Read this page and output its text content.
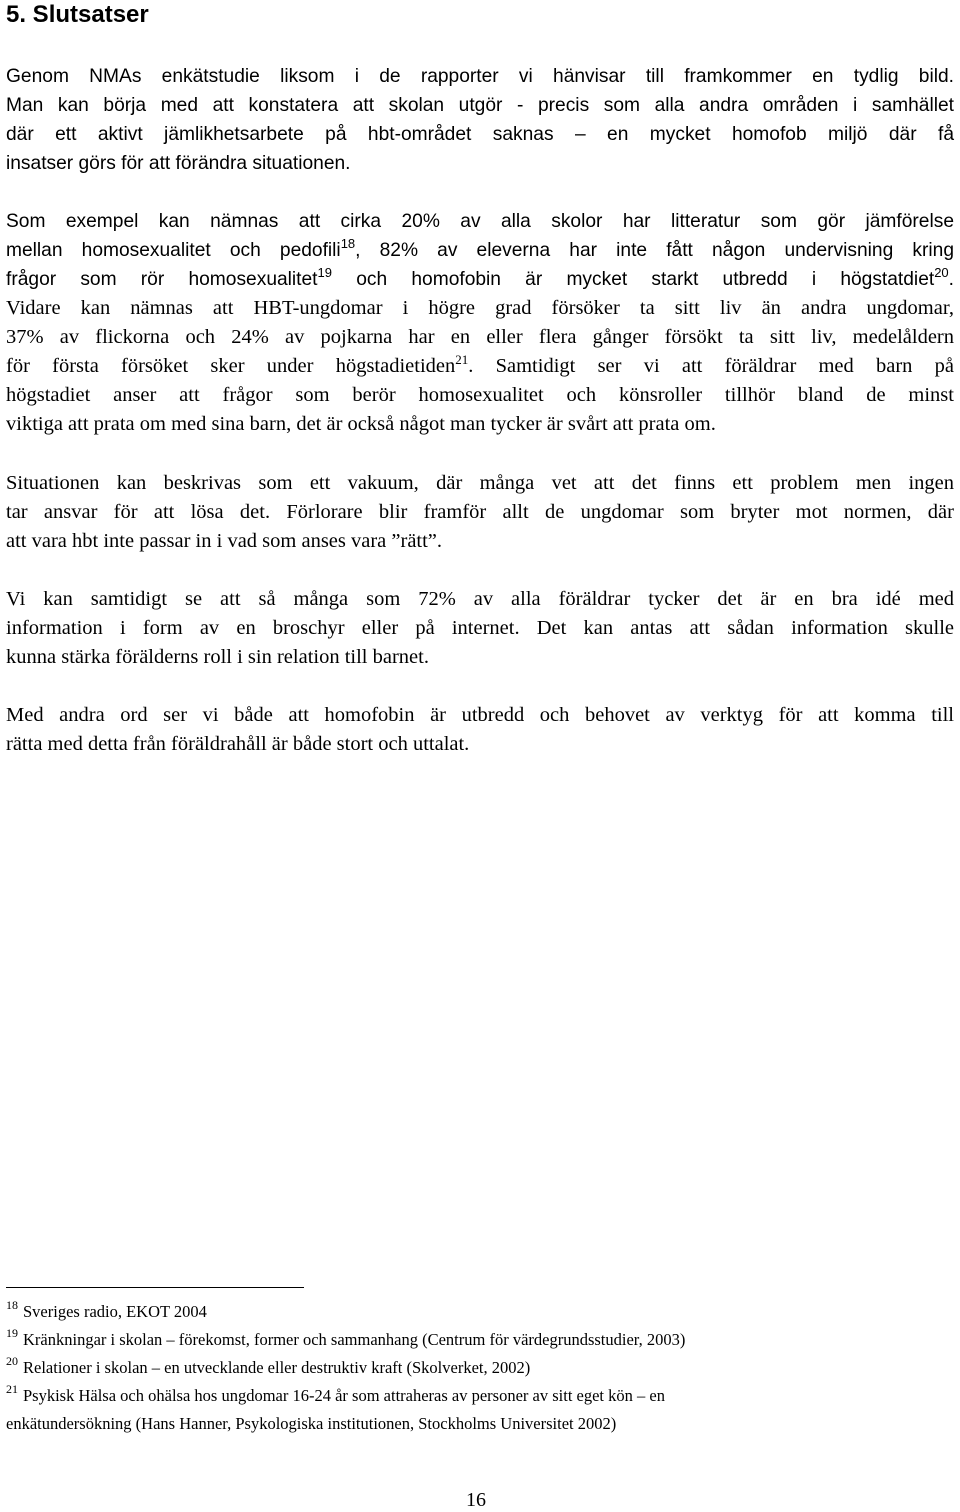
5. Slutsatser
Genom NMAs enkätstudie liksom i de rapporter vi hänvisar till framkommer en tydlig bild.
Man kan börja med att konstatera att skolan utgör - precis som alla andra områden i samhället
där ett aktivt jämlikhetsarbete på hbt-området saknas – en mycket homofob miljö där få
insatser görs för att förändra situationen.
Som exempel kan nämnas att cirka 20% av alla skolor har litteratur som gör jämförelse
mellan homosexualitet och pedofili$^{18}$, 82% av eleverna har inte fått någon undervisning kring
frågor som rör homosexualitet$^{19}$ och homofobin är mycket starkt utbredd i högstatdiet$^{20}$.
Vidare kan nämnas att HBT-ungdomar i högre grad försöker ta sitt liv än andra ungdomar,
37% av flickorna och 24% av pojkarna har en eller flera gånger försökt ta sitt liv, medelåldern
för första försöket sker under högstadietiden$^{21}$. Samtidigt ser vi att föräldrar med barn på
högstadiet anser att frågor som berör homosexualitet och könsroller tillhör bland de minst
viktiga att prata om med sina barn, det är också något man tycker är svårt att prata om.
Situationen kan beskrivas som ett vakuum, där många vet att det finns ett problem men ingen
tar ansvar för att lösa det. Förlorare blir framför allt de ungdomar som bryter mot normen, där
att vara hbt inte passar in i vad som anses vara ”rätt”.
Vi kan samtidigt se att så många som 72% av alla föräldrar tycker det är en bra idé med
information i form av en broschyr eller på internet. Det kan antas att sådan information skulle
kunna stärka förälderns roll i sin relation till barnet.
Med andra ord ser vi både att homofobin är utbredd och behovet av verktyg för att komma till
rätta med detta från föräldrahåll är både stort och uttalat.
$^{18}$ Sveriges radio, EKOT 2004
$^{19}$ Kränkningar i skolan – förekomst, former och sammanhang (Centrum för värdegrundsstudier, 2003)
$^{20}$ Relationer i skolan – en utvecklande eller destruktiv kraft (Skolverket, 2002)
$^{21}$ Psykisk Hälsa och ohälsa hos ungdomar 16-24 år som attraheras av personer av sitt eget kön – en
enkätundersökning (Hans Hanner, Psykologiska institutionen, Stockholms Universitet 2002)
16
